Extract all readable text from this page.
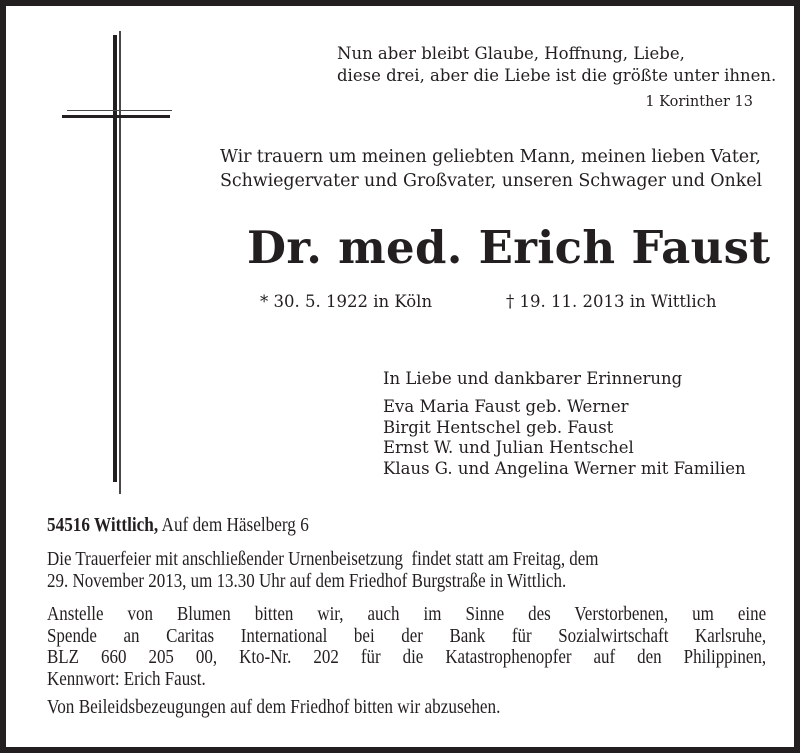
Nun aber bleibt Glaube, Hoffnung, Liebe,
diese drei, aber die Liebe ist die größte unter ihnen.
1 Korinther 13
Wir trauern um meinen geliebten Mann, meinen lieben Vater,
Schwiegervater und Großvater, unseren Schwager und Onkel
Dr. med. Erich Faust
* 30. 5. 1922 in Köln	† 19. 11. 2013 in Wittlich
In Liebe und dankbarer Erinnerung
Eva Maria Faust geb. Werner
Birgit Hentschel geb. Faust
Ernst W. und Julian Hentschel
Klaus G. und Angelina Werner mit Familien
54516 Wittlich, Auf dem Häselberg 6
Die Trauerfeier mit anschließender Urnenbeisetzung  findet statt am Freitag, dem
29. November 2013, um 13.30 Uhr auf dem Friedhof Burgstraße in Wittlich.
Anstelle von Blumen bitten wir, auch im Sinne des Verstorbenen, um eine
Spende an Caritas International bei der Bank für Sozialwirtschaft Karlsruhe,
BLZ 660 205 00, Kto-Nr. 202 für die Katastrophenopfer auf den Philippinen,
Kennwort: Erich Faust.
Von Beileidsbezeugungen auf dem Friedhof bitten wir abzusehen.
